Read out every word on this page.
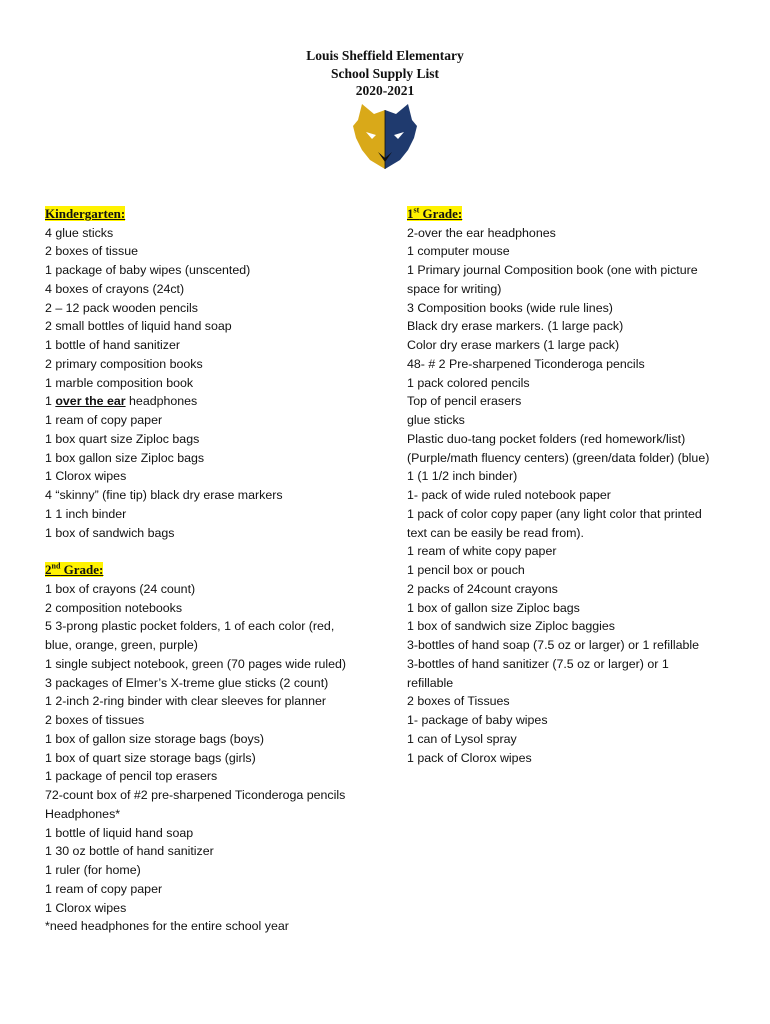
Louis Sheffield Elementary
School Supply List
2020-2021
Kindergarten:
4 glue sticks
2 boxes of tissue
1 package of baby wipes (unscented)
4 boxes of crayons (24ct)
2 – 12 pack wooden pencils
2 small bottles of liquid hand soap
1 bottle of hand sanitizer
2 primary composition books
1 marble composition book
1 over the ear headphones
1 ream of copy paper
1 box quart size Ziploc bags
1 box gallon size Ziploc bags
1 Clorox wipes
4 “skinny” (fine tip) black dry erase markers
1 1 inch binder
1 box of sandwich bags
2nd Grade:
1 box of crayons (24 count)
2 composition notebooks
5 3-prong plastic pocket folders, 1 of each color (red,
blue, orange, green, purple)
1 single subject notebook, green (70 pages wide ruled)
3 packages of Elmer’s X-treme glue sticks (2 count)
1 2-inch 2-ring binder with clear sleeves for planner
2 boxes of tissues
1 box of gallon size storage bags (boys)
1 box of quart size storage bags (girls)
1 package of pencil top erasers
72-count box of #2 pre-sharpened Ticonderoga pencils
Headphones*
1 bottle of liquid hand soap
1 30 oz bottle of hand sanitizer
1 ruler (for home)
1 ream of copy paper
1 Clorox wipes
*need headphones for the entire school year
1st Grade:
2-over the ear headphones
1 computer mouse
1 Primary journal Composition book (one with picture
space for writing)
3 Composition books (wide rule lines)
Black dry erase markers. (1 large pack)
Color dry erase markers (1 large pack)
48- # 2 Pre-sharpened Ticonderoga pencils
1 pack colored pencils
Top of pencil erasers
glue sticks
Plastic duo-tang pocket folders (red homework/list)
(Purple/math fluency centers) (green/data folder) (blue)
1 (1 1/2 inch binder)
1- pack of wide ruled notebook paper
1 pack of color copy paper (any light color that printed
text can be easily be read from).
1 ream of white copy paper
1 pencil box or pouch
2 packs of 24count crayons
1 box of gallon size Ziploc bags
1 box of sandwich size Ziploc baggies
3-bottles of hand soap (7.5 oz or larger) or 1 refillable
3-bottles of hand sanitizer (7.5 oz or larger) or 1
refillable
2 boxes of Tissues
1- package of baby wipes
1 can of Lysol spray
1 pack of Clorox wipes
